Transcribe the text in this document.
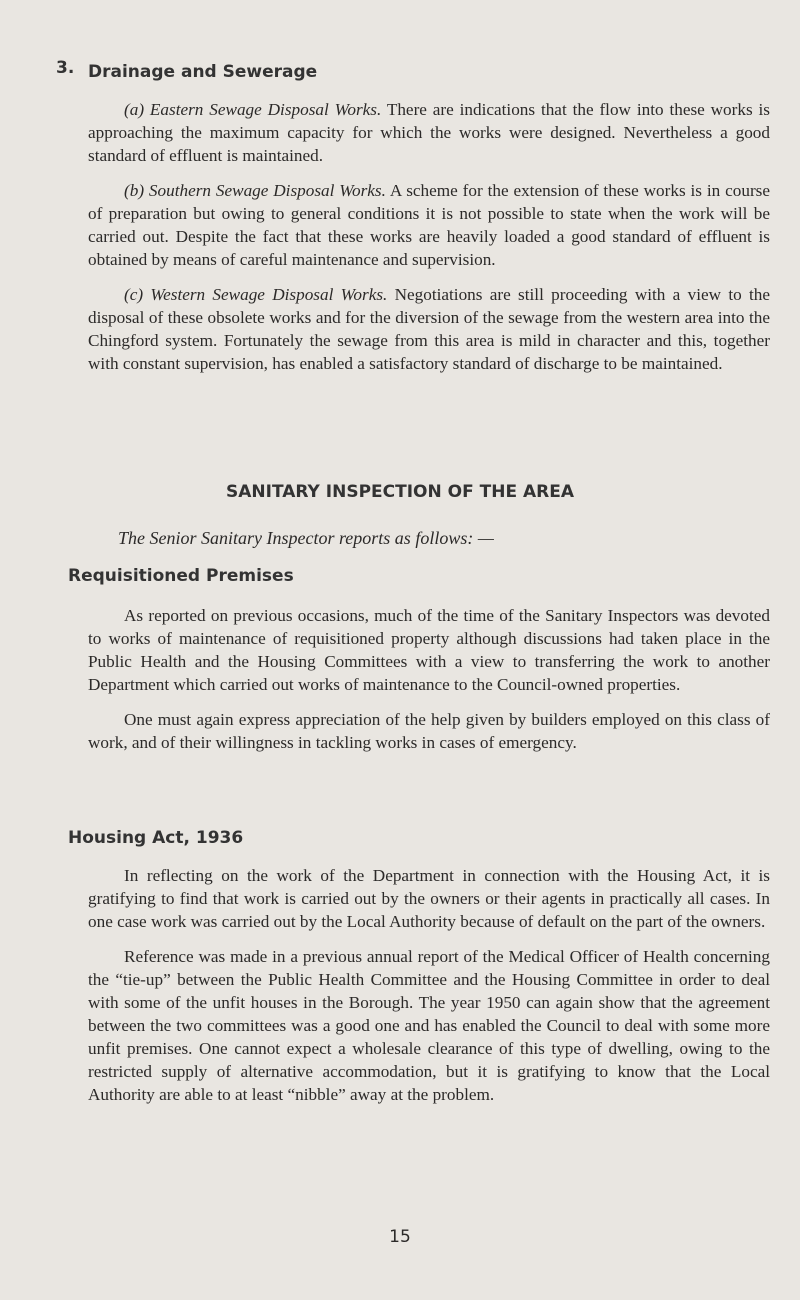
3. Drainage and Sewerage

(a) Eastern Sewage Disposal Works. There are indications that the flow into these works is approaching the maximum capacity for which the works were designed. Nevertheless a good standard of effluent is maintained.

(b) Southern Sewage Disposal Works. A scheme for the extension of these works is in course of preparation but owing to general conditions it is not possible to state when the work will be carried out. Despite the fact that these works are heavily loaded a good standard of effluent is obtained by means of careful maintenance and supervision.

(c) Western Sewage Disposal Works. Negotiations are still proceeding with a view to the disposal of these obsolete works and for the diversion of the sewage from the western area into the Chingford system. Fortunately the sewage from this area is mild in character and this, together with constant supervision, has enabled a satisfactory standard of discharge to be maintained.

SANITARY INSPECTION OF THE AREA
The Senior Sanitary Inspector reports as follows: —
Requisitioned Premises

As reported on previous occasions, much of the time of the Sanitary Inspectors was devoted to works of maintenance of requisitioned property although discussions had taken place in the Public Health and the Housing Committees with a view to transferring the work to another Department which carried out works of maintenance to the Council-owned properties.

One must again express appreciation of the help given by builders employed on this class of work, and of their willingness in tackling works in cases of emergency.

Housing Act, 1936

In reflecting on the work of the Department in connection with the Housing Act, it is gratifying to find that work is carried out by the owners or their agents in practically all cases. In one case work was carried out by the Local Authority because of default on the part of the owners.

Reference was made in a previous annual report of the Medical Officer of Health concerning the “tie-up” between the Public Health Committee and the Housing Committee in order to deal with some of the unfit houses in the Borough. The year 1950 can again show that the agreement between the two committees was a good one and has enabled the Council to deal with some more unfit premises. One cannot expect a wholesale clearance of this type of dwelling, owing to the restricted supply of alternative accommodation, but it is gratifying to know that the Local Authority are able to at least “nibble” away at the problem.

15
